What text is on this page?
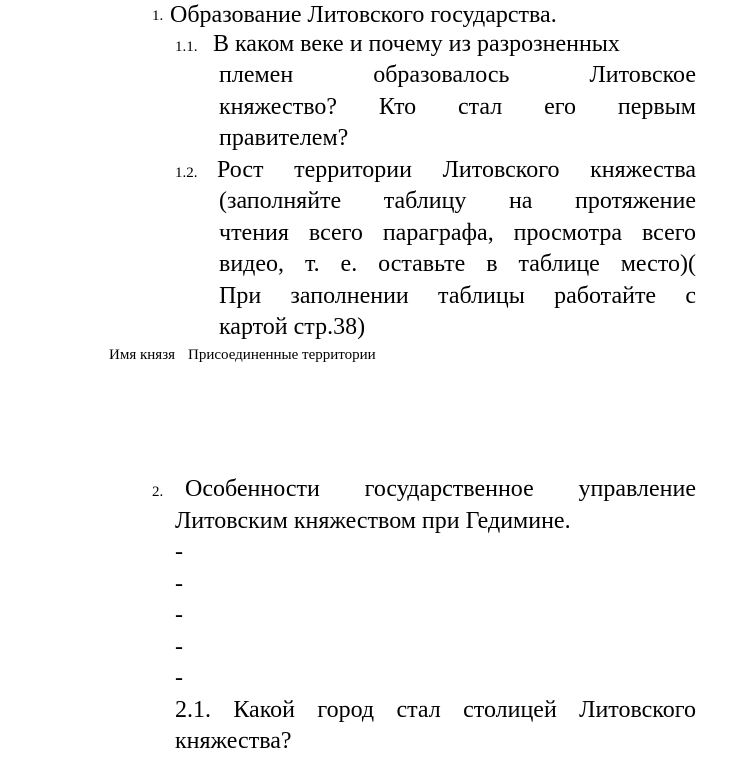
1. Образование Литовского государства.
1.1. В каком веке и почему из разрозненных
племен образовалось Литовское
княжество? Кто стал его первым
правителем?
1.2. Рост территории Литовского княжества
(заполняйте таблицу на протяжение
чтения всего параграфа, просмотра всего
видео, т. е. оставьте в таблице место)(
При заполнении таблицы работайте с
картой стр.38)
Имя князя Присоединенные территории
2. Особенности государственное управление
Литовским княжеством при Гедимине.
-
-
-
-
-
2.1. Какой город стал столицей Литовского
княжества?
